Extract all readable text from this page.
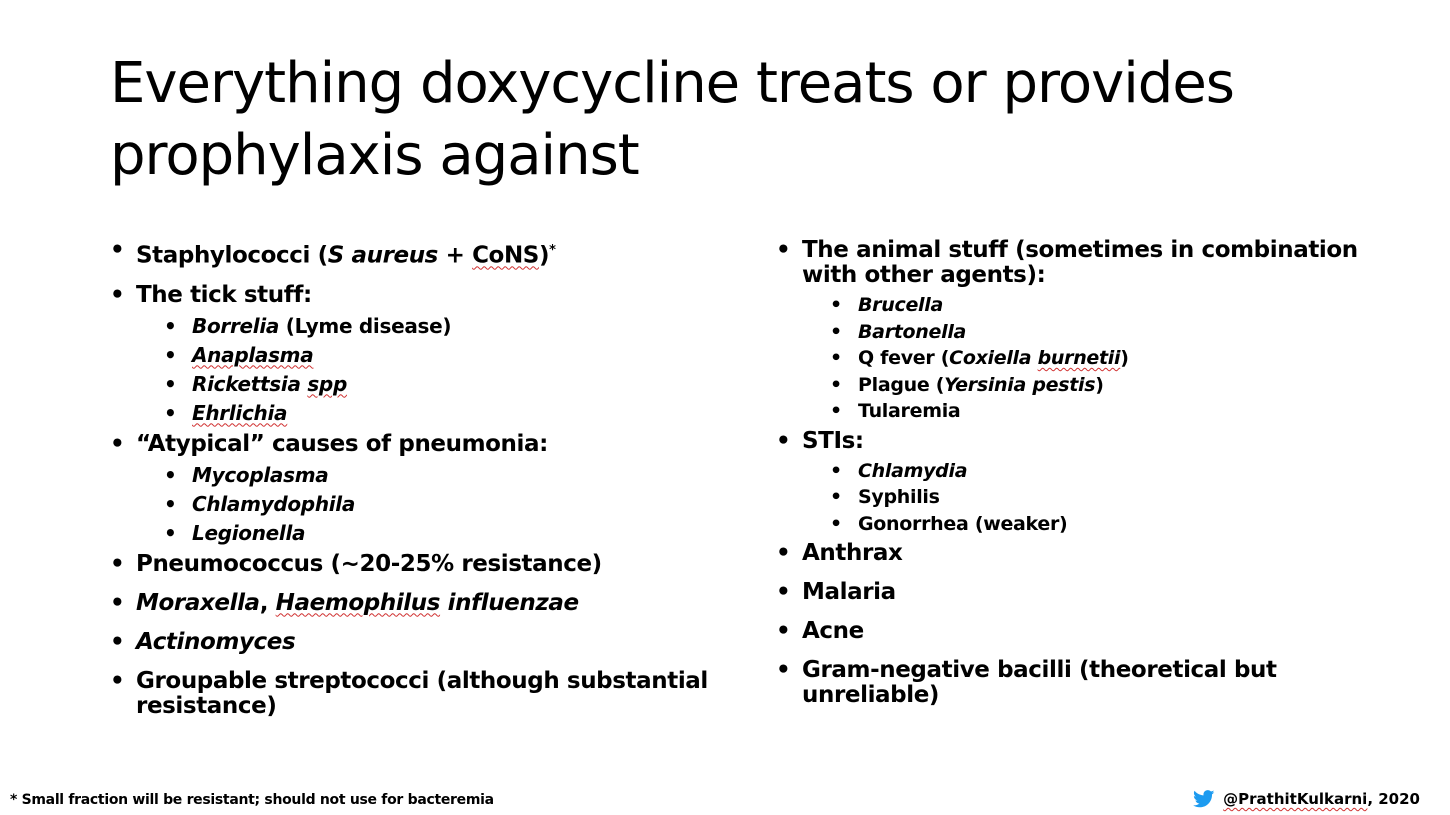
Everything doxycycline treats or provides prophylaxis against
• Staphylococci (S aureus + CoNS)*
• The tick stuff:
• Borrelia (Lyme disease)
• Anaplasma
• Rickettsia spp
• Ehrlichia
• “Atypical” causes of pneumonia:
• Mycoplasma
• Chlamydophila
• Legionella
• Pneumococcus (~20-25% resistance)
• Moraxella, Haemophilus influenzae
• Actinomyces
• Groupable streptococci (although substantial resistance)
• The animal stuff (sometimes in combination with other agents):
• Brucella
• Bartonella
• Q fever (Coxiella burnetii)
• Plague (Yersinia pestis)
• Tularemia
• STIs:
• Chlamydia
• Syphilis
• Gonorrhea (weaker)
• Anthrax
• Malaria
• Acne
• Gram-negative bacilli (theoretical but unreliable)
* Small fraction will be resistant; should not use for bacteremia	@PrathitKulkarni, 2020
